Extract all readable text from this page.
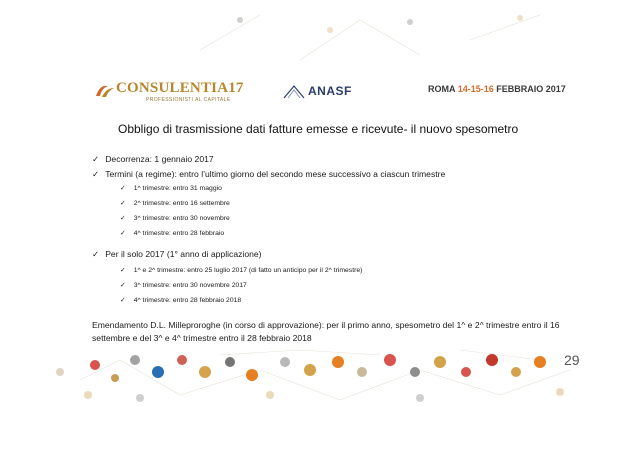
CONSULENTIA17
PROFESSIONISTI AL CAPITALE
ANASF	ROMA 14-15-16 FEBBRAIO 2017
Obbligo di trasmissione dati fatture emesse e ricevute- il nuovo spesometro
✓ Decorrenza: 1 gennaio 2017
✓ Termini (a regime): entro l’ultimo giorno del secondo mese successivo a ciascun trimestre
✓ 1^ trimestre: entro 31 maggio
✓ 2^ trimestre: entro 16 settembre
✓ 3^ trimestre: entro 30 novembre
✓ 4^ trimestre: entro 28 febbraio
✓ Per il solo 2017 (1° anno di applicazione)
✓ 1^ e 2^ trimestre: entro 25 luglio 2017 (di fatto un anticipo per il 2^ trimestre)
✓ 3^ trimestre: entro 30 novembre 2017
✓ 4^ trimestre: entro 28 febbraio 2018
Emendamento D.L. Milleproroghe (in corso di approvazione): per il primo anno, spesometro del 1^ e 2^ trimestre entro il 16 settembre e del 3^ e 4^ trimestre entro il 28 febbraio 2018
29
